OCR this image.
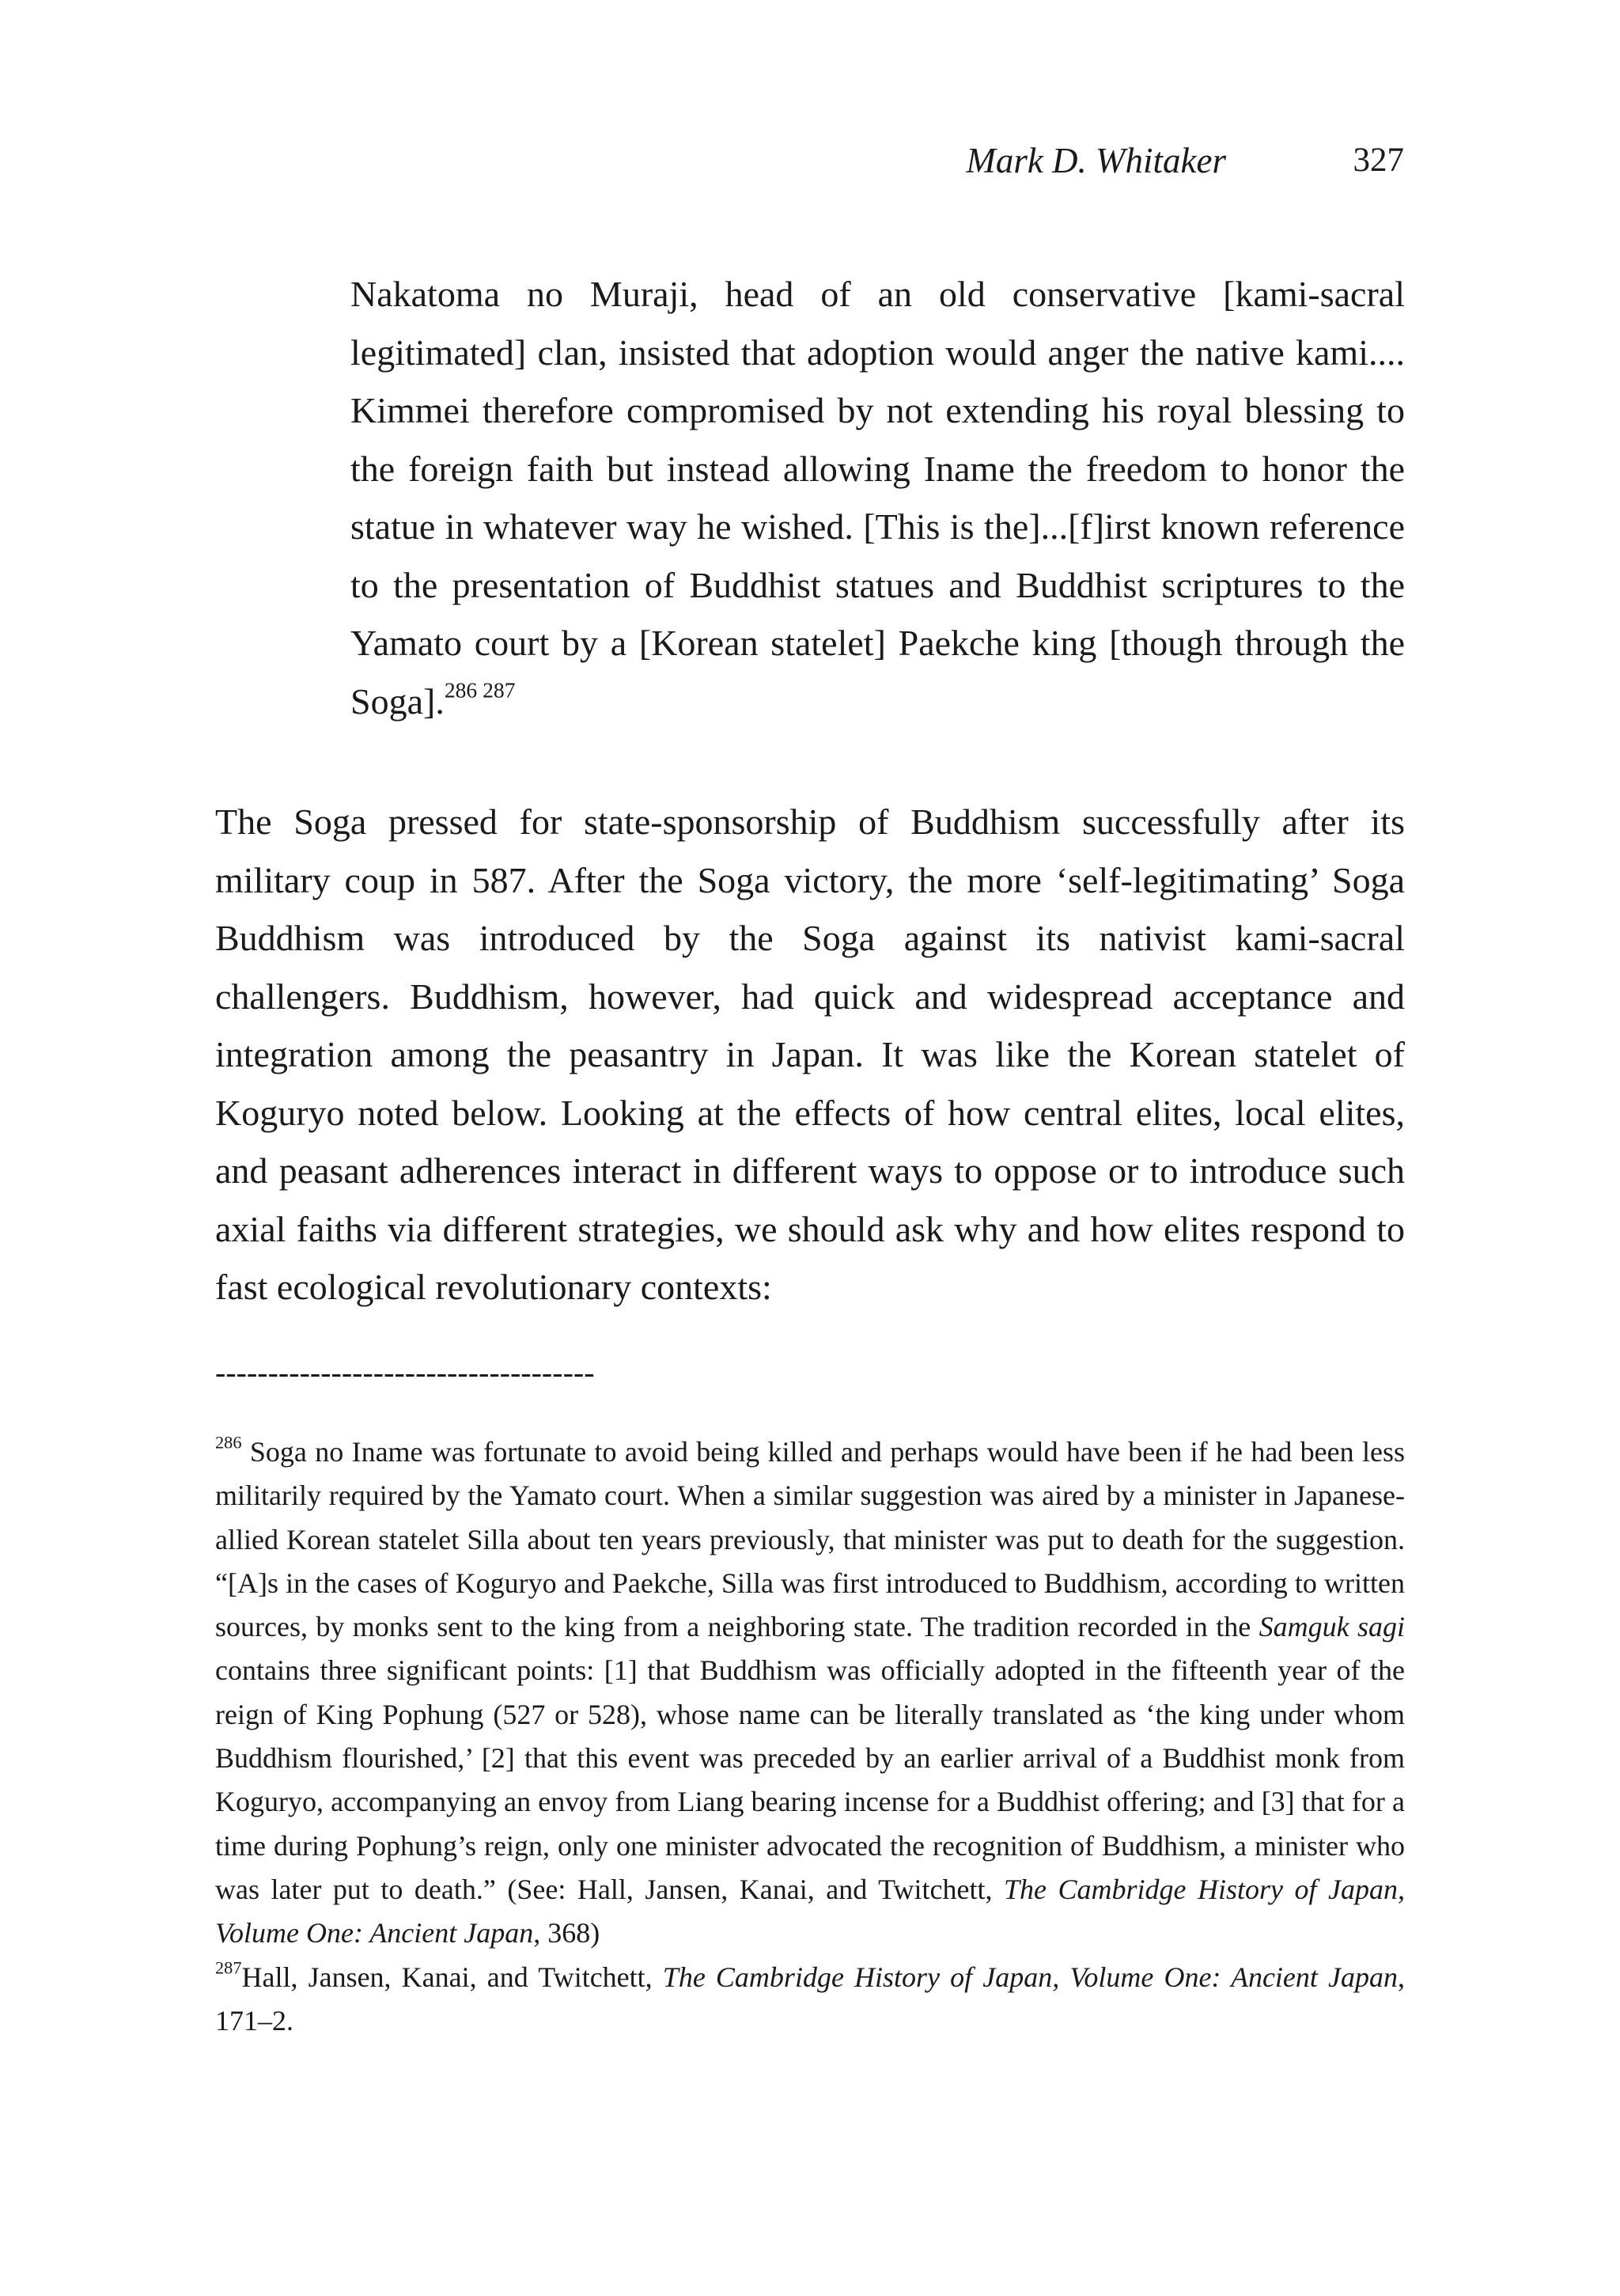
Mark D. Whitaker	327

Nakatoma no Muraji, head of an old conservative [kami-sacral legitimated] clan, insisted that adoption would anger the native kami.... Kimmei therefore compromised by not extending his royal blessing to the foreign faith but instead allowing Iname the freedom to honor the statue in whatever way he wished. [This is the]...[f]irst known reference to the presentation of Buddhist statues and Buddhist scriptures to the Yamato court by a [Korean statelet] Paekche king [though through the Soga].$^{286}$ $^{287}$

The Soga pressed for state-sponsorship of Buddhism successfully after its military coup in 587. After the Soga victory, the more ‘self-legitimating’ Soga Buddhism was introduced by the Soga against its nativist kami-sacral challengers. Buddhism, however, had quick and widespread acceptance and integration among the peasantry in Japan. It was like the Korean statelet of Koguryo noted below. Looking at the effects of how central elites, local elites, and peasant adherences interact in different ways to oppose or to introduce such axial faiths via different strategies, we should ask why and how elites respond to fast ecological revolutionary contexts:

------------------------------------

$^{286}$ Soga no Iname was fortunate to avoid being killed and perhaps would have been if he had been less militarily required by the Yamato court. When a similar suggestion was aired by a minister in Japanese-allied Korean statelet Silla about ten years previously, that minister was put to death for the suggestion. “[A]s in the cases of Koguryo and Paekche, Silla was first introduced to Buddhism, according to written sources, by monks sent to the king from a neighboring state. The tradition recorded in the Samguk sagi contains three significant points: [1] that Buddhism was officially adopted in the fifteenth year of the reign of King Pophung (527 or 528), whose name can be literally translated as ‘the king under whom Buddhism flourished,’ [2] that this event was preceded by an earlier arrival of a Buddhist monk from Koguryo, accompanying an envoy from Liang bearing incense for a Buddhist offering; and [3] that for a time during Pophung’s reign, only one minister advocated the recognition of Buddhism, a minister who was later put to death.” (See: Hall, Jansen, Kanai, and Twitchett, The Cambridge History of Japan, Volume One: Ancient Japan, 368)

$^{287}$Hall, Jansen, Kanai, and Twitchett, The Cambridge History of Japan, Volume One: Ancient Japan, 171–2.
